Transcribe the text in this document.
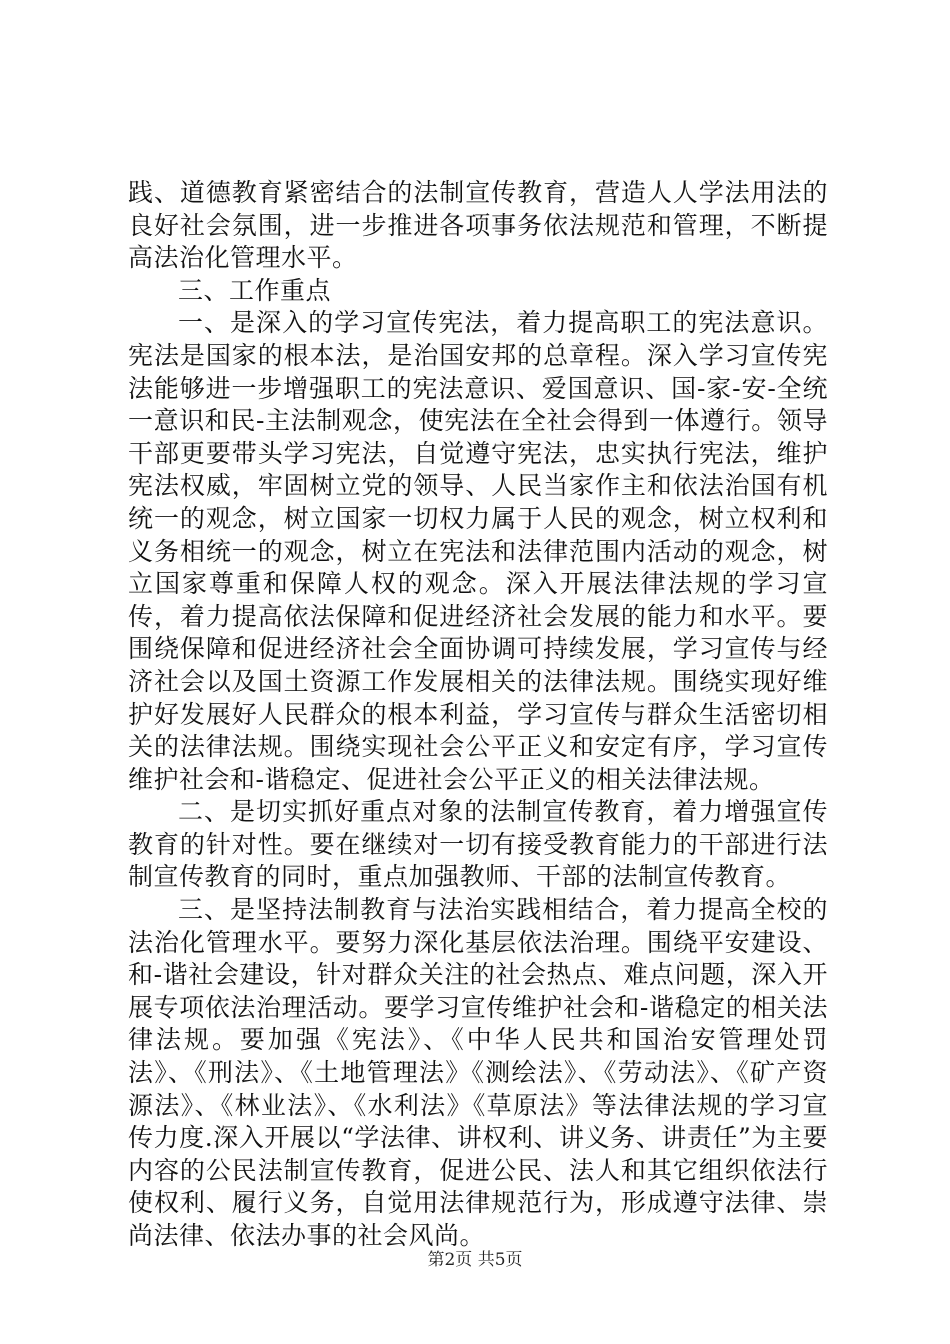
践、道德教育紧密结合的法制宣传教育，营造人人学法用法的良好社会氛围，进一步推进各项事务依法规范和管理，不断提高法治化管理水平。

三、工作重点

一、是深入的学习宣传宪法，着力提高职工的宪法意识。宪法是国家的根本法，是治国安邦的总章程。深入学习宣传宪法能够进一步增强职工的宪法意识、爱国意识、国-家-安-全统一意识和民-主法制观念，使宪法在全社会得到一体遵行。领导干部更要带头学习宪法，自觉遵守宪法，忠实执行宪法，维护宪法权威，牢固树立党的领导、人民当家作主和依法治国有机统一的观念，树立国家一切权力属于人民的观念，树立权利和义务相统一的观念，树立在宪法和法律范围内活动的观念，树立国家尊重和保障人权的观念。深入开展法律法规的学习宣传，着力提高依法保障和促进经济社会发展的能力和水平。要围绕保障和促进经济社会全面协调可持续发展，学习宣传与经济社会以及国土资源工作发展相关的法律法规。围绕实现好维护好发展好人民群众的根本利益，学习宣传与群众生活密切相关的法律法规。围绕实现社会公平正义和安定有序，学习宣传维护社会和-谐稳定、促进社会公平正义的相关法律法规。

二、是切实抓好重点对象的法制宣传教育，着力增强宣传教育的针对性。要在继续对一切有接受教育能力的干部进行法制宣传教育的同时，重点加强教师、干部的法制宣传教育。

三、是坚持法制教育与法治实践相结合，着力提高全校的法治化管理水平。要努力深化基层依法治理。围绕平安建设、和-谐社会建设，针对群众关注的社会热点、难点问题，深入开展专项依法治理活动。要学习宣传维护社会和-谐稳定的相关法律法规。要加强《宪法》、《中华人民共和国治安管理处罚法》、《刑法》、《土地管理法》《测绘法》、《劳动法》、《矿产资源法》、《林业法》、《水利法》《草原法》等法律法规的学习宣传力度.深入开展以“学法律、讲权利、讲义务、讲责任”为主要内容的公民法制宣传教育，促进公民、法人和其它组织依法行使权利、履行义务，自觉用法律规范行为，形成遵守法律、崇尚法律、依法办事的社会风尚。

第2页 共5页
